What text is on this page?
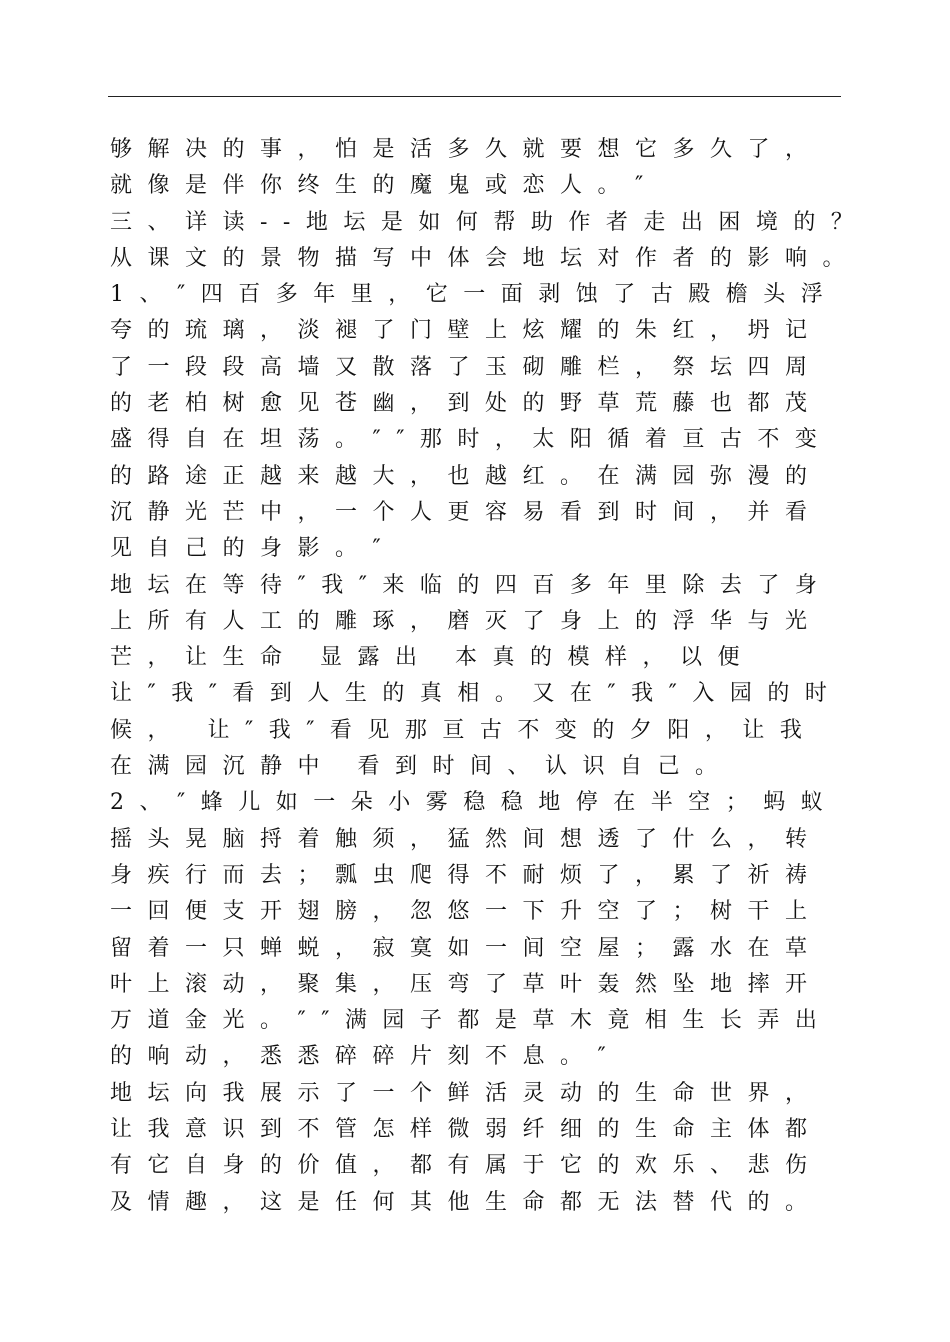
够解决的事，怕是活多久就要想它多久了，
就像是伴你终生的魔鬼或恋人。″
三、详读--地坛是如何帮助作者走出困境的？
从课文的景物描写中体会地坛对作者的影响。
1、″四百多年里，它一面剥蚀了古殿檐头浮
夸的琉璃，淡褪了门壁上炫耀的朱红，坍记
了一段段高墙又散落了玉砌雕栏，祭坛四周
的老柏树愈见苍幽，到处的野草荒藤也都茂
盛得自在坦荡。″″那时，太阳循着亘古不变
的路途正越来越大，也越红。在满园弥漫的
沉静光芒中，一个人更容易看到时间，并看
见自己的身影。″
地坛在等待″我″来临的四百多年里除去了身
上所有人工的雕琢，磨灭了身上的浮华与光
芒，让生命 显露出 本真的模样，以便
让″我″看到人生的真相。又在″我″入园的时
候， 让″我″看见那亘古不变的夕阳，让我
在满园沉静中 看到时间、认识自己。
2、″蜂儿如一朵小雾稳稳地停在半空；蚂蚁
摇头晃脑捋着触须，猛然间想透了什么，转
身疾行而去；瓢虫爬得不耐烦了，累了祈祷
一回便支开翅膀，忽悠一下升空了；树干上
留着一只蝉蜕，寂寞如一间空屋；露水在草
叶上滚动，聚集，压弯了草叶轰然坠地摔开
万道金光。″″满园子都是草木竟相生长弄出
的响动，悉悉碎碎片刻不息。″
地坛向我展示了一个鲜活灵动的生命世界，
让我意识到不管怎样微弱纤细的生命主体都
有它自身的价值，都有属于它的欢乐、悲伤
及情趣，这是任何其他生命都无法替代的。
